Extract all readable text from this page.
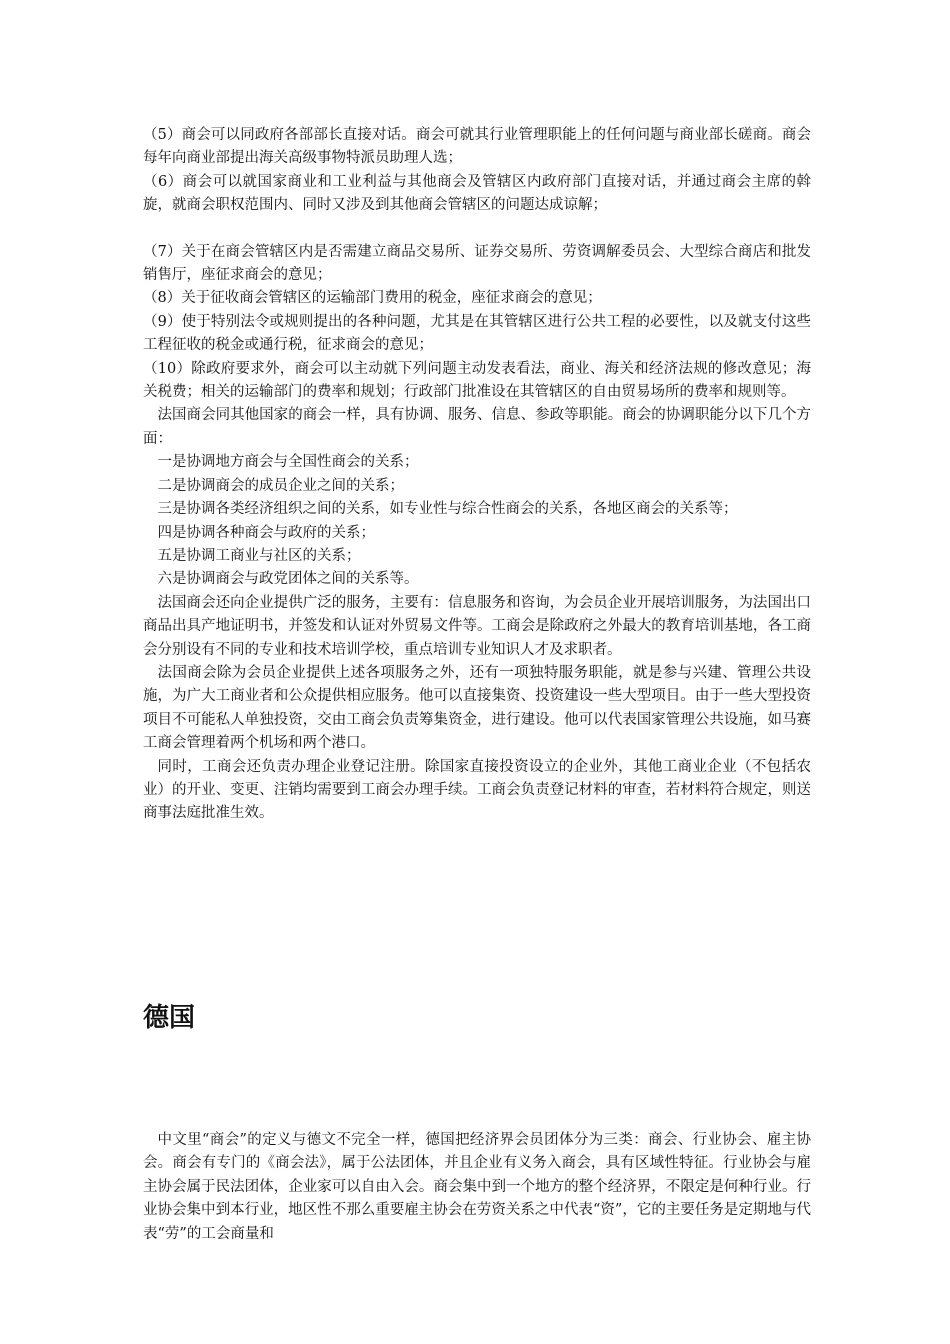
（5）商会可以同政府各部部长直接对话。商会可就其行业管理职能上的任何问题与商业部长磋商。商会每年向商业部提出海关高级事物特派员助理人选；

（6）商会可以就国家商业和工业利益与其他商会及管辖区内政府部门直接对话，并通过商会主席的斡旋，就商会职权范围内、同时又涉及到其他商会管辖区的问题达成谅解；

（7）关于在商会管辖区内是否需建立商品交易所、证券交易所、劳资调解委员会、大型综合商店和批发销售厅，座征求商会的意见；

（8）关于征收商会管辖区的运输部门费用的税金，座征求商会的意见；

（9）使于特别法令或规则提出的各种问题，尤其是在其管辖区进行公共工程的必要性，以及就支付这些工程征收的税金或通行税，征求商会的意见；

（10）除政府要求外，商会可以主动就下列问题主动发表看法，商业、海关和经济法规的修改意见；海关税费；相关的运输部门的费率和规划；行政部门批准设在其管辖区的自由贸易场所的费率和规则等。

法国商会同其他国家的商会一样，具有协调、服务、信息、参政等职能。商会的协调职能分以下几个方面：

一是协调地方商会与全国性商会的关系；

二是协调商会的成员企业之间的关系；

三是协调各类经济组织之间的关系，如专业性与综合性商会的关系，各地区商会的关系等；

四是协调各种商会与政府的关系；

五是协调工商业与社区的关系；

六是协调商会与政党团体之间的关系等。

法国商会还向企业提供广泛的服务，主要有：信息服务和咨询，为会员企业开展培训服务，为法国出口商品出具产地证明书，并签发和认证对外贸易文件等。工商会是除政府之外最大的教育培训基地，各工商会分别设有不同的专业和技术培训学校，重点培训专业知识人才及求职者。

法国商会除为会员企业提供上述各项服务之外，还有一项独特服务职能，就是参与兴建、管理公共设施，为广大工商业者和公众提供相应服务。他可以直接集资、投资建设一些大型项目。由于一些大型投资项目不可能私人单独投资，交由工商会负责筹集资金，进行建设。他可以代表国家管理公共设施，如马赛工商会管理着两个机场和两个港口。

同时，工商会还负责办理企业登记注册。除国家直接投资设立的企业外，其他工商业企业（不包括农业）的开业、变更、注销均需要到工商会办理手续。工商会负责登记材料的审查，若材料符合规定，则送商事法庭批准生效。

德国

中文里“商会”的定义与德文不完全一样，德国把经济界会员团体分为三类：商会、行业协会、雇主协会。商会有专门的《商会法》，属于公法团体，并且企业有义务入商会，具有区域性特征。行业协会与雇主协会属于民法团体，企业家可以自由入会。商会集中到一个地方的整个经济界，不限定是何种行业。行业协会集中到本行业，地区性不那么重要雇主协会在劳资关系之中代表“资”，它的主要任务是定期地与代表“劳”的工会商量和
